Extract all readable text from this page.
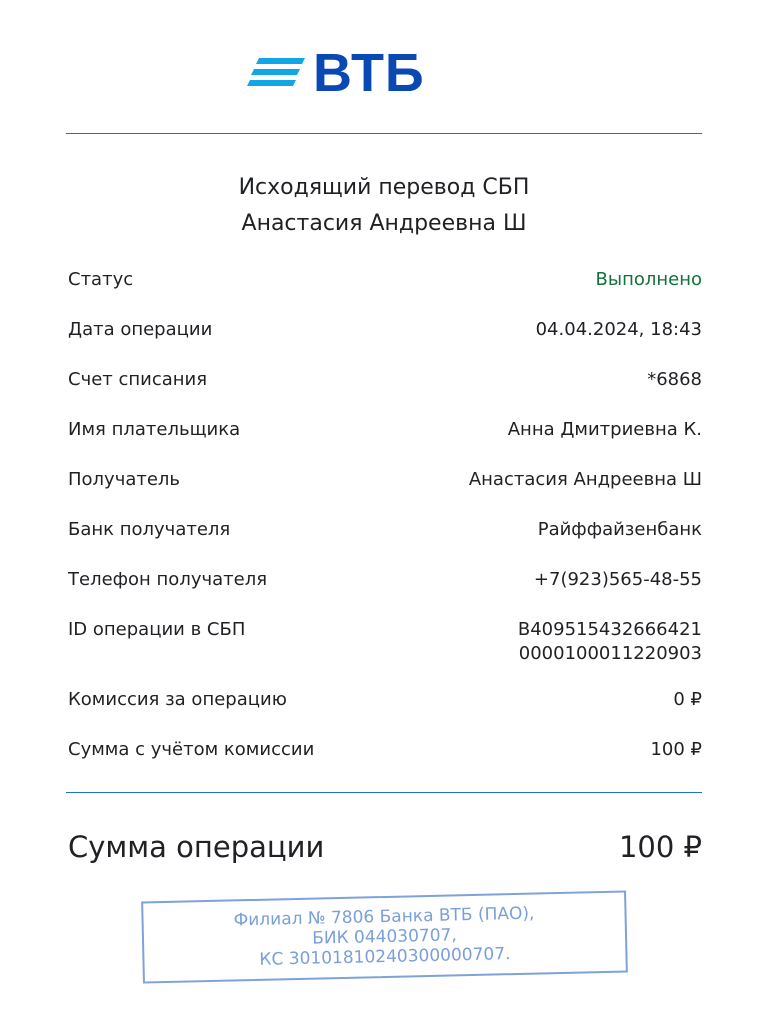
ВТБ
Исходящий перевод СБП
Анастасия Андреевна Ш
Статус	Выполнено
Дата операции	04.04.2024, 18:43
Счет списания	*6868
Имя плательщика	Анна Дмитриевна К.
Получатель	Анастасия Андреевна Ш
Банк получателя	Райффайзенбанк
Телефон получателя	+7(923)565-48-55
ID операции в СБП	B409515432666421
0000100011220903
Комиссия за операцию	0 ₽
Сумма с учётом комиссии	100 ₽
Сумма операции	100 ₽
Филиал № 7806 Банка ВТБ (ПАО),
БИК 044030707,
КС 30101810240300000707.
